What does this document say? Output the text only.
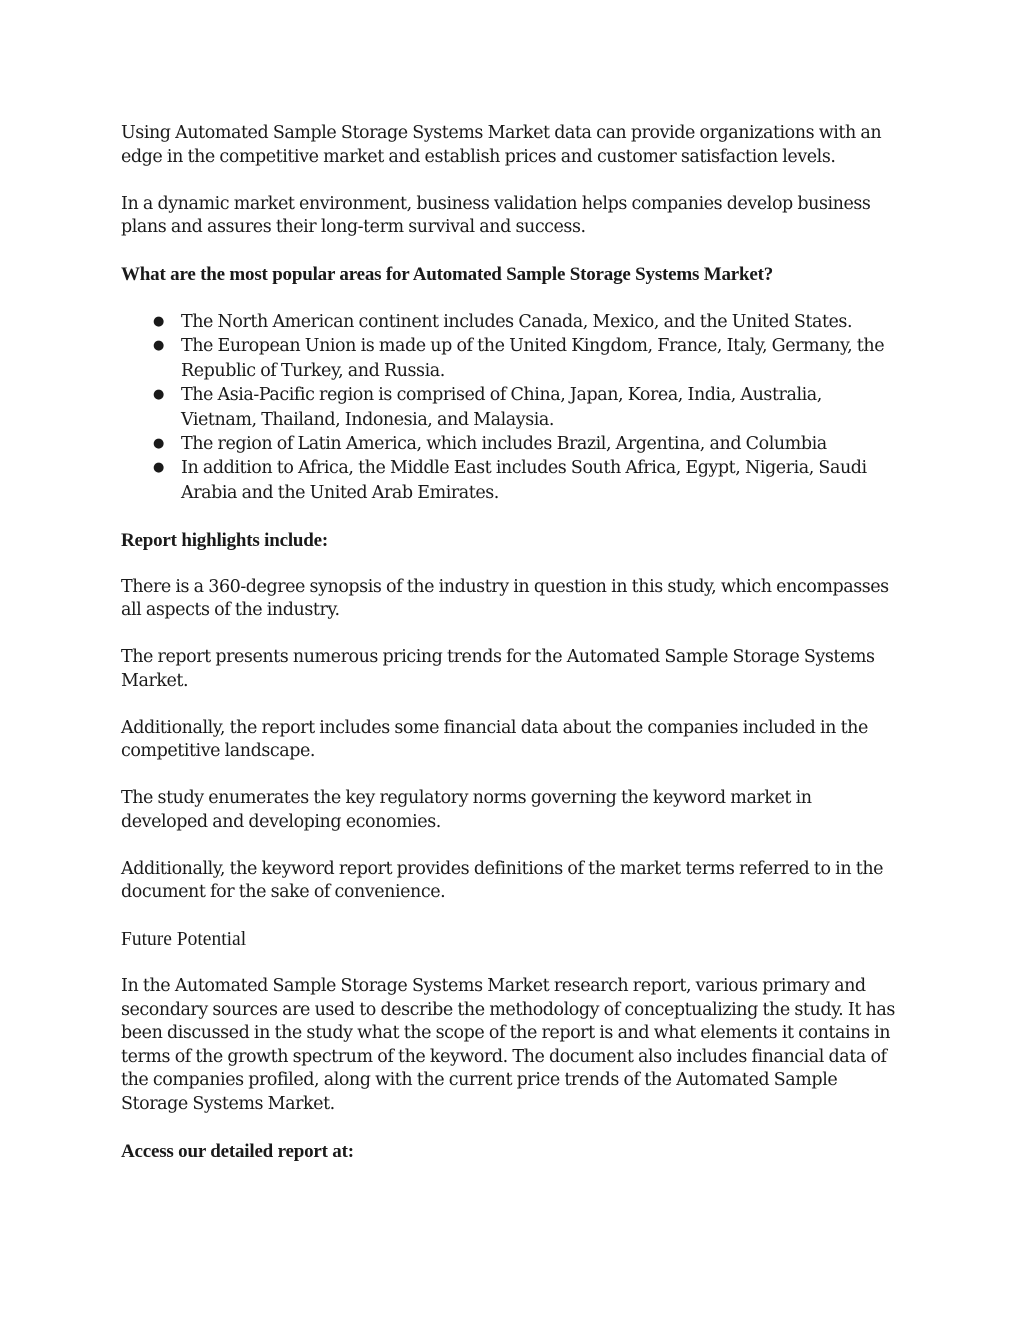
Using Automated Sample Storage Systems Market data can provide organizations with an edge in the competitive market and establish prices and customer satisfaction levels.

In a dynamic market environment, business validation helps companies develop business plans and assures their long-term survival and success.

What are the most popular areas for Automated Sample Storage Systems Market?
● The North American continent includes Canada, Mexico, and the United States.
● The European Union is made up of the United Kingdom, France, Italy, Germany, the Republic of Turkey, and Russia.
● The Asia-Pacific region is comprised of China, Japan, Korea, India, Australia, Vietnam, Thailand, Indonesia, and Malaysia.
● The region of Latin America, which includes Brazil, Argentina, and Columbia
● In addition to Africa, the Middle East includes South Africa, Egypt, Nigeria, Saudi Arabia and the United Arab Emirates.
Report highlights include:

There is a 360-degree synopsis of the industry in question in this study, which encompasses all aspects of the industry.

The report presents numerous pricing trends for the Automated Sample Storage Systems Market.

Additionally, the report includes some financial data about the companies included in the competitive landscape.

The study enumerates the key regulatory norms governing the keyword market in developed and developing economies.

Additionally, the keyword report provides definitions of the market terms referred to in the document for the sake of convenience.

Future Potential

In the Automated Sample Storage Systems Market research report, various primary and secondary sources are used to describe the methodology of conceptualizing the study. It has been discussed in the study what the scope of the report is and what elements it contains in terms of the growth spectrum of the keyword. The document also includes financial data of the companies profiled, along with the current price trends of the Automated Sample Storage Systems Market.

Access our detailed report at:
